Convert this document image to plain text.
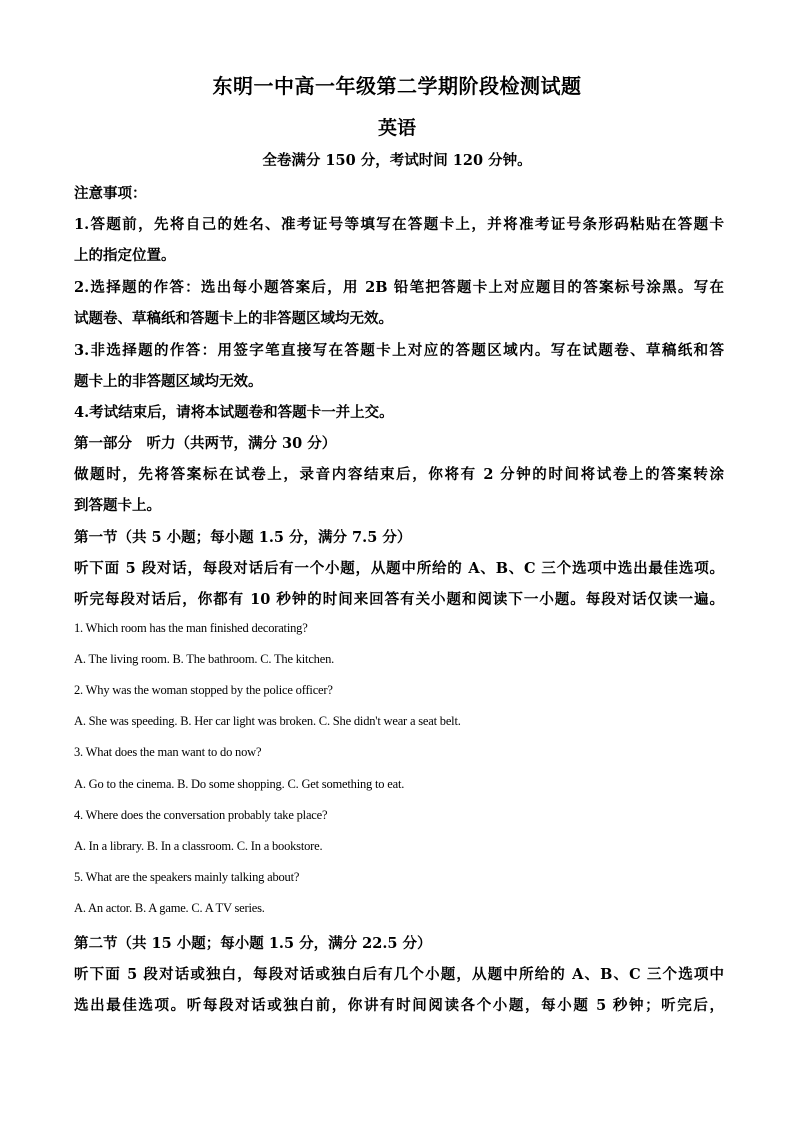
东明一中高一年级第二学期阶段检测试题
英语
全卷满分 150 分，考试时间 120 分钟。
注意事项：
1.答题前，先将自己的姓名、准考证号等填写在答题卡上，并将准考证号条形码粘贴在答题卡
上的指定位置。
2.选择题的作答：选出每小题答案后，用 2B 铅笔把答题卡上对应题目的答案标号涂黑。写在
试题卷、草稿纸和答题卡上的非答题区域均无效。
3.非选择题的作答：用签字笔直接写在答题卡上对应的答题区域内。写在试题卷、草稿纸和答
题卡上的非答题区域均无效。
4.考试结束后，请将本试题卷和答题卡一并上交。
第一部分　听力（共两节，满分 30 分）
做题时，先将答案标在试卷上，录音内容结束后，你将有 2 分钟的时间将试卷上的答案转涂
到答题卡上。
第一节（共 5 小题；每小题 1.5 分，满分 7.5 分）
听下面 5 段对话，每段对话后有一个小题，从题中所给的 A、B、C 三个选项中选出最佳选项。
听完每段对话后，你都有 10 秒钟的时间来回答有关小题和阅读下一小题。每段对话仅读一遍。
1. Which room has the man finished decorating?
A. The living room. B. The bathroom. C. The kitchen.
2. Why was the woman stopped by the police officer?
A. She was speeding. B. Her car light was broken. C. She didn't wear a seat belt.
3. What does the man want to do now?
A. Go to the cinema. B. Do some shopping. C. Get something to eat.
4. Where does the conversation probably take place?
A. In a library. B. In a classroom. C. In a bookstore.
5. What are the speakers mainly talking about?
A. An actor. B. A game. C. A TV series.
第二节（共 15 小题；每小题 1.5 分，满分 22.5 分）
听下面 5 段对话或独白，每段对话或独白后有几个小题，从题中所给的 A、B、C 三个选项中
选出最佳选项。听每段对话或独白前，你讲有时间阅读各个小题，每小题 5 秒钟；听完后，
